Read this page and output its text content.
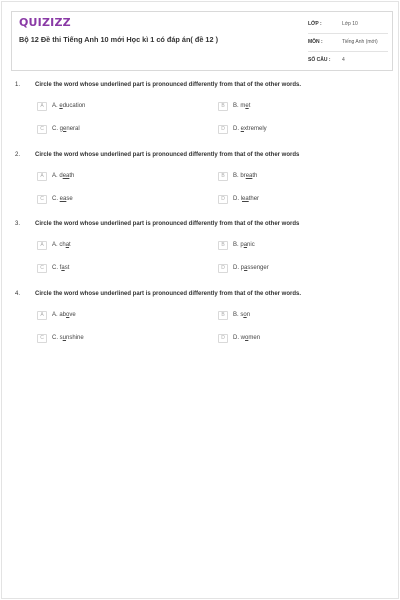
QUIZIZZ
Bộ 12 Đề thi Tiếng Anh 10 mới Học kì 1 có đáp án( đề 12 )
LỚP :	Lớp 10
MÔN :	Tiếng Anh (mới)
SỐ CÂU : 4
1. Circle the word whose underlined part is pronounced differently from that of the other words.
A	A. education	B	B. met
C	C. general	D	D. extremely
2. Circle the word whose underlined part is pronounced differently from that of the other words
A	A. death	B	B. breath
C	C. ease	D	D. leather
3. Circle the word whose underlined part is pronounced differently from that of the other words
A	A. chat	B	B. panic
C	C. fast	D	D. passenger
4. Circle the word whose underlined part is pronounced differently from that of the other words.
A	A. above	B	B. son
C	C. sunshine	D	D. women
